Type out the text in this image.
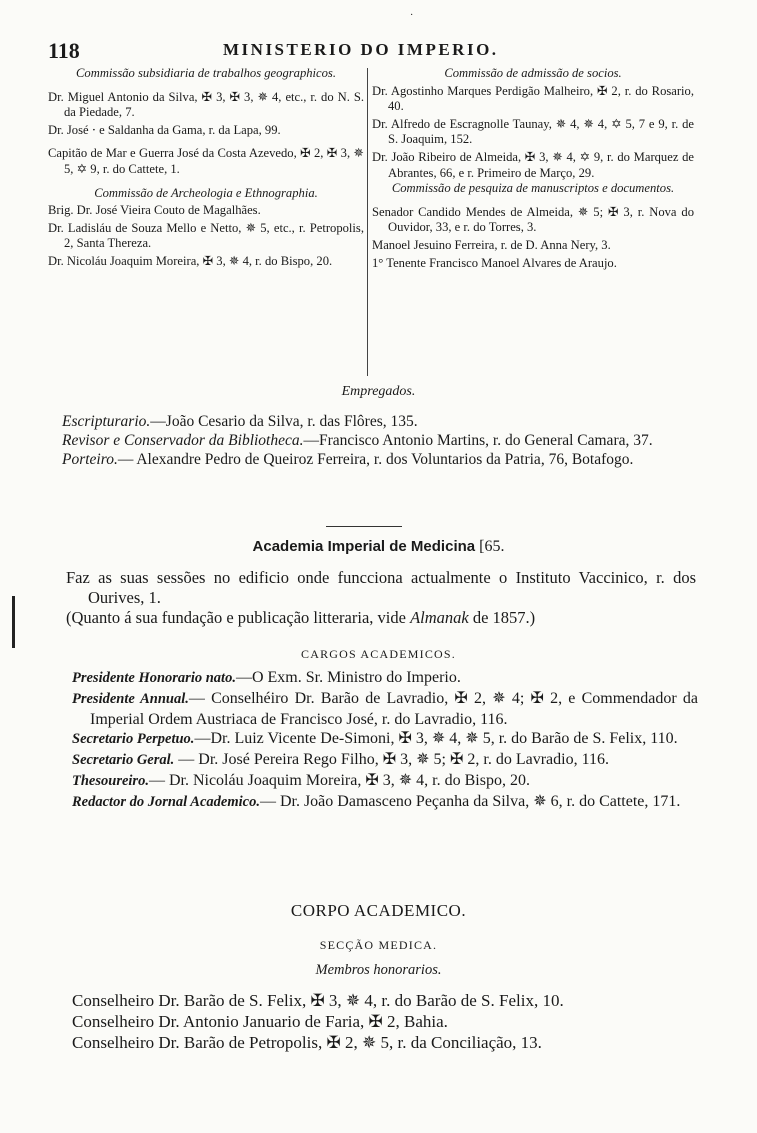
·
118	MINISTERIO DO IMPERIO.
Commissão subsidiaria de trabalhos geographicos.
Dr. Miguel Antonio da Silva, ✠ 3, ✠ 3, ✵ 4, etc., r. do N. S. da Piedade, 7.
Dr. José ⋅ e Saldanha da Gama, r. da Lapa, 99.
Capitão de Mar e Guerra José da Costa Azevedo, ✠ 2, ✠ 3, ✵ 5, ✡ 9, r. do Cattete, 1.
Commissão de Archeologia e Ethnographia.
Brig. Dr. José Vieira Couto de Magalhães.
Dr. Ladisláu de Souza Mello e Netto, ✵ 5, etc., r. Petropolis, 2, Santa Thereza.
Dr. Nicoláu Joaquim Moreira, ✠ 3, ✵ 4, r. do Bispo, 20.
Commissão de admissão de socios.
Dr. Agostinho Marques Perdigão Malheiro, ✠ 2, r. do Rosario, 40.
Dr. Alfredo de Escragnolle Taunay, ✵ 4, ✵ 4, ✡ 5, 7 e 9, r. de S. Joaquim, 152.
Dr. João Ribeiro de Almeida, ✠ 3, ✵ 4, ✡ 9, r. do Marquez de Abrantes, 66, e r. Primeiro de Março, 29.
Commissão de pesquiza de manuscriptos e documentos.
Senador Candido Mendes de Almeida, ✵ 5; ✠ 3, r. Nova do Ouvidor, 33, e r. do Torres, 3.
Manoel Jesuino Ferreira, r. de D. Anna Nery, 3.
1° Tenente Francisco Manoel Alvares de Araujo.
Empregados.
Escripturario.—João Cesario da Silva, r. das Flôres, 135.
Revisor e Conservador da Bibliotheca.—Francisco Antonio Martins, r. do General Camara, 37.
Porteiro.— Alexandre Pedro de Queiroz Ferreira, r. dos Voluntarios da Patria, 76, Botafogo.
Academia Imperial de Medicina [65.
Faz as suas sessões no edificio onde funcciona actualmente o Instituto Vaccinico, r. dos Ourives, 1.
(Quanto á sua fundação e publicação litteraria, vide Almanak de 1857.)
CARGOS ACADEMICOS.
Presidente Honorario nato.—O Exm. Sr. Ministro do Imperio.
Presidente Annual.— Conselhéiro Dr. Barão de Lavradio, ✠ 2, ✵ 4; ✠ 2, e Commendador da Imperial Ordem Austriaca de Francisco José, r. do Lavradio, 116.
Secretario Perpetuo.—Dr. Luiz Vicente De-Simoni, ✠ 3, ✵ 4, ✵ 5, r. do Barão de S. Felix, 110.
Secretario Geral. — Dr. José Pereira Rego Filho, ✠ 3, ✵ 5; ✠ 2, r. do Lavradio, 116.
Thesoureiro.— Dr. Nicoláu Joaquim Moreira, ✠ 3, ✵ 4, r. do Bispo, 20.
Redactor do Jornal Academico.— Dr. João Damasceno Peçanha da Silva, ✵ 6, r. do Cattete, 171.
CORPO ACADEMICO.
SECÇÃO MEDICA.
Membros honorarios.
Conselheiro Dr. Barão de S. Felix, ✠ 3, ✵ 4, r. do Barão de S. Felix, 10.
Conselheiro Dr. Antonio Januario de Faria, ✠ 2, Bahia.
Conselheiro Dr. Barão de Petropolis, ✠ 2, ✵ 5, r. da Conciliação, 13.
